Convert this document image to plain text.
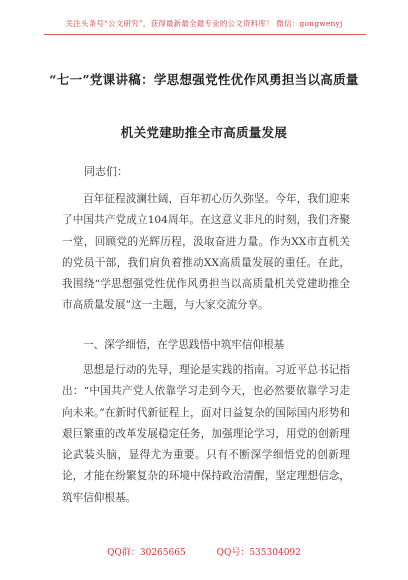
关注头条号“公文研究”，获得最新最全最专业的公文资料库！ 微信：gongwenyj
“七一”党课讲稿：学思想强党性优作风勇担当以高质量
机关党建助推全市高质量发展
同志们：

百年征程波澜壮阔，百年初心历久弥坚。今年，我们迎来了中国共产党成立104周年。在这意义非凡的时刻，我们齐聚一堂，回顾党的光辉历程，汲取奋进力量。作为XX市直机关的党员干部，我们肩负着推动XX高质量发展的重任。在此，我围绕“学思想强党性优作风勇担当以高质量机关党建助推全市高质量发展”这一主题，与大家交流分享。

一、深学细悟，在学思践悟中筑牢信仰根基

思想是行动的先导，理论是实践的指南。习近平总书记指出：“中国共产党人依靠学习走到今天，也必然要依靠学习走向未来。”在新时代新征程上，面对日益复杂的国际国内形势和艰巨繁重的改革发展稳定任务，加强理论学习，用党的创新理论武装头脑，显得尤为重要。只有不断深学细悟党的创新理论，才能在纷繁复杂的环境中保持政治清醒，坚定理想信念，筑牢信仰根基。

QQ群：30265665	QQ号：535304092
